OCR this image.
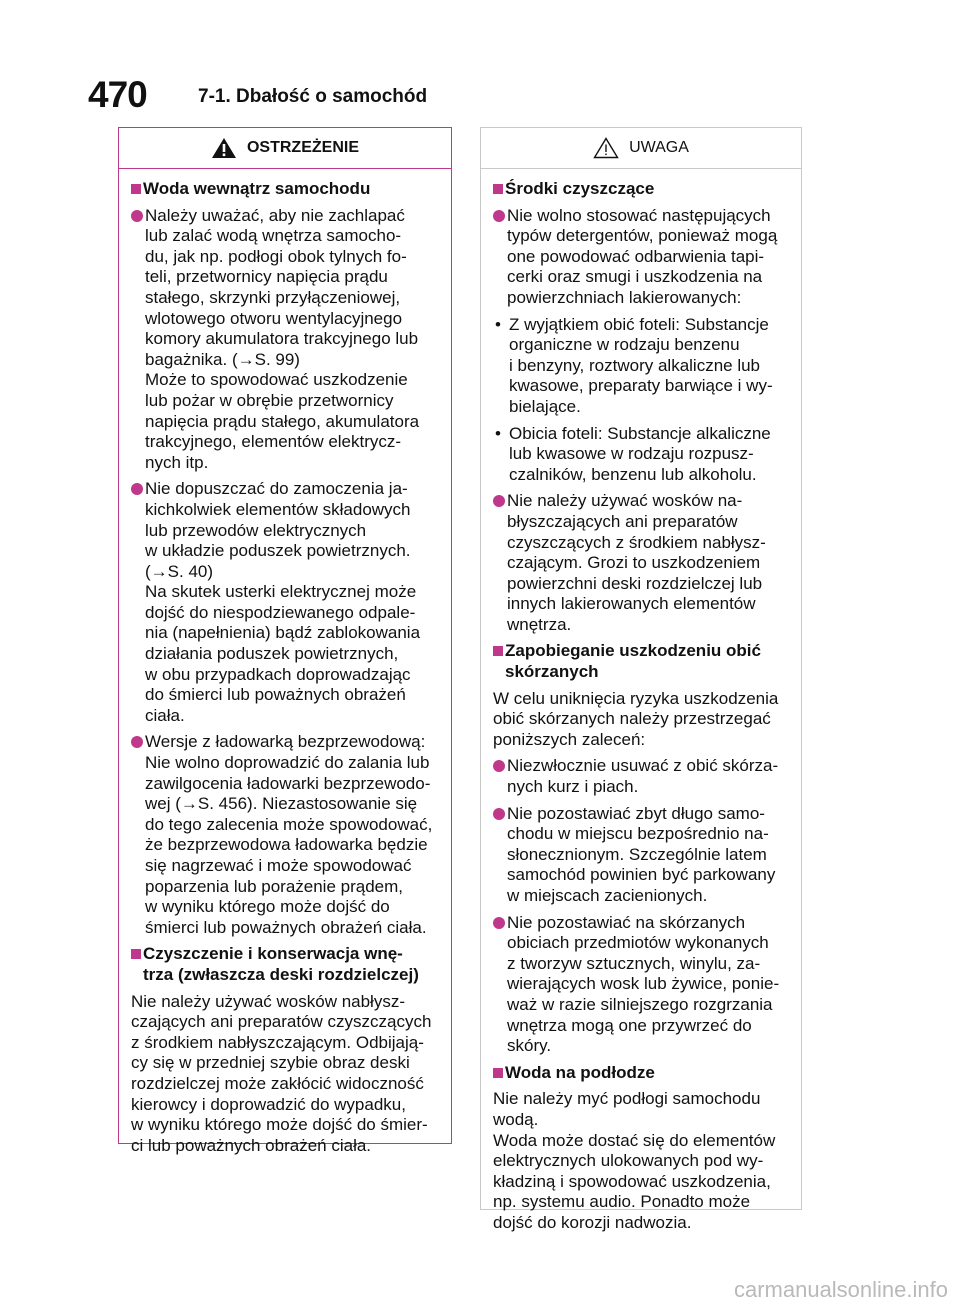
470	7-1. Dbałość o samochód
OSTRZEŻENIE
Woda wewnątrz samochodu
Należy uważać, aby nie zachlapać
lub zalać wodą wnętrza samocho-
du, jak np. podłogi obok tylnych fo-
teli, przetwornicy napięcia prądu
stałego, skrzynki przyłączeniowej,
wlotowego otworu wentylacyjnego
komory akumulatora trakcyjnego lub
bagażnika. (→S. 99)
Może to spowodować uszkodzenie
lub pożar w obrębie przetwornicy
napięcia prądu stałego, akumulatora
trakcyjnego, elementów elektrycz-
nych itp.
Nie dopuszczać do zamoczenia ja-
kichkolwiek elementów składowych
lub przewodów elektrycznych
w układzie poduszek powietrznych.
(→S. 40)
Na skutek usterki elektrycznej może
dojść do niespodziewanego odpale-
nia (napełnienia) bądź zablokowania
działania poduszek powietrznych,
w obu przypadkach doprowadzając
do śmierci lub poważnych obrażeń
ciała.
Wersje z ładowarką bezprzewodową:
Nie wolno doprowadzić do zalania lub
zawilgocenia ładowarki bezprzewodo-
wej (→S. 456). Niezastosowanie się
do tego zalecenia może spowodować,
że bezprzewodowa ładowarka będzie
się nagrzewać i może spowodować
poparzenia lub porażenie prądem,
w wyniku którego może dojść do
śmierci lub poważnych obrażeń ciała.
Czyszczenie i konserwacja wnę-
trza (zwłaszcza deski rozdzielczej)
Nie należy używać wosków nabłysz-
czających ani preparatów czyszczących
z środkiem nabłyszczającym. Odbijają-
cy się w przedniej szybie obraz deski
rozdzielczej może zakłócić widoczność
kierowcy i doprowadzić do wypadku,
w wyniku którego może dojść do śmier-
ci lub poważnych obrażeń ciała.
UWAGA
Środki czyszczące
Nie wolno stosować następujących
typów detergentów, ponieważ mogą
one powodować odbarwienia tapi-
cerki oraz smugi i uszkodzenia na
powierzchniach lakierowanych:
• Z wyjątkiem obić foteli: Substancje
organiczne w rodzaju benzenu
i benzyny, roztwory alkaliczne lub
kwasowe, preparaty barwiące i wy-
bielające.
• Obicia foteli: Substancje alkaliczne
lub kwasowe w rodzaju rozpusz-
czalników, benzenu lub alkoholu.
Nie należy używać wosków na-
błyszczających ani preparatów
czyszczących z środkiem nabłysz-
czającym. Grozi to uszkodzeniem
powierzchni deski rozdzielczej lub
innych lakierowanych elementów
wnętrza.
Zapobieganie uszkodzeniu obić
skórzanych
W celu uniknięcia ryzyka uszkodzenia
obić skórzanych należy przestrzegać
poniższych zaleceń:
Niezwłocznie usuwać z obić skórza-
nych kurz i piach.
Nie pozostawiać zbyt długo samo-
chodu w miejscu bezpośrednio na-
słonecznionym. Szczególnie latem
samochód powinien być parkowany
w miejscach zacienionych.
Nie pozostawiać na skórzanych
obiciach przedmiotów wykonanych
z tworzyw sztucznych, winylu, za-
wierających wosk lub żywice, ponie-
waż w razie silniejszego rozgrzania
wnętrza mogą one przywrzeć do
skóry.
Woda na podłodze
Nie należy myć podłogi samochodu
wodą.
Woda może dostać się do elementów
elektrycznych ulokowanych pod wy-
kładziną i spowodować uszkodzenia,
np. systemu audio. Ponadto może
dojść do korozji nadwozia.
carmanualsonline.info
